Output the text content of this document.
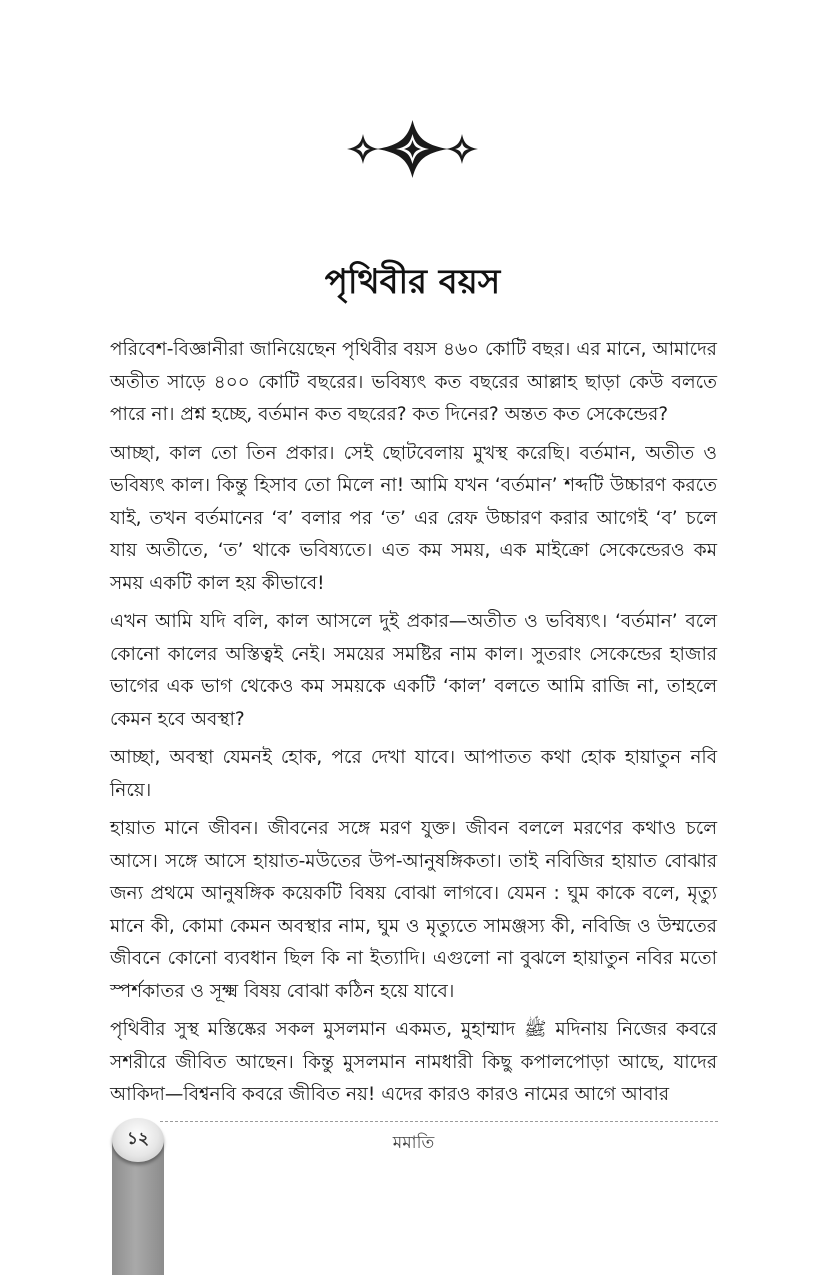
পৃথিবীর বয়স

পরিবেশ-বিজ্ঞানীরা জানিয়েছেন পৃথিবীর বয়স ৪৬০ কোটি বছর। এর মানে, আমাদের অতীত সাড়ে ৪০০ কোটি বছরের। ভবিষ্যৎ কত বছরের আল্লাহ ছাড়া কেউ বলতে পারে না। প্রশ্ন হচ্ছে, বর্তমান কত বছরের? কত দিনের? অন্তত কত সেকেন্ডের?

আচ্ছা, কাল তো তিন প্রকার। সেই ছোটবেলায় মুখস্থ করেছি। বর্তমান, অতীত ও ভবিষ্যৎ কাল। কিন্তু হিসাব তো মিলে না! আমি যখন ‘বর্তমান’ শব্দটি উচ্চারণ করতে যাই, তখন বর্তমানের ‘ব’ বলার পর ‘ত’ এর রেফ উচ্চারণ করার আগেই ‘ব’ চলে যায় অতীতে, ‘ত’ থাকে ভবিষ্যতে। এত কম সময়, এক মাইক্রো সেকেন্ডেরও কম সময় একটি কাল হয় কীভাবে!

এখন আমি যদি বলি, কাল আসলে দুই প্রকার—অতীত ও ভবিষ্যৎ। ‘বর্তমান’ বলে কোনো কালের অস্তিত্বই নেই। সময়ের সমষ্টির নাম কাল। সুতরাং সেকেন্ডের হাজার ভাগের এক ভাগ থেকেও কম সময়কে একটি ‘কাল’ বলতে আমি রাজি না, তাহলে কেমন হবে অবস্থা?

আচ্ছা, অবস্থা যেমনই হোক, পরে দেখা যাবে। আপাতত কথা হোক হায়াতুন নবি নিয়ে।

হায়াত মানে জীবন। জীবনের সঙ্গে মরণ যুক্ত। জীবন বললে মরণের কথাও চলে আসে। সঙ্গে আসে হায়াত-মউতের উপ-আনুষঙ্গিকতা। তাই নবিজির হায়াত বোঝার জন্য প্রথমে আনুষঙ্গিক কয়েকটি বিষয় বোঝা লাগবে। যেমন : ঘুম কাকে বলে, মৃত্যু মানে কী, কোমা কেমন অবস্থার নাম, ঘুম ও মৃত্যুতে সামঞ্জস্য কী, নবিজি ও উম্মতের জীবনে কোনো ব্যবধান ছিল কি না ইত্যাদি। এগুলো না বুঝলে হায়াতুন নবির মতো স্পর্শকাতর ও সূক্ষ্ম বিষয় বোঝা কঠিন হয়ে যাবে।

পৃথিবীর সুস্থ মস্তিষ্কের সকল মুসলমান একমত, মুহাম্মাদ ﷺ মদিনায় নিজের কবরে সশরীরে জীবিত আছেন। কিন্তু মুসলমান নামধারী কিছু কপালপোড়া আছে, যাদের আকিদা—বিশ্বনবি কবরে জীবিত নয়! এদের কারও কারও নামের আগে আবার

১২	মমাতি
